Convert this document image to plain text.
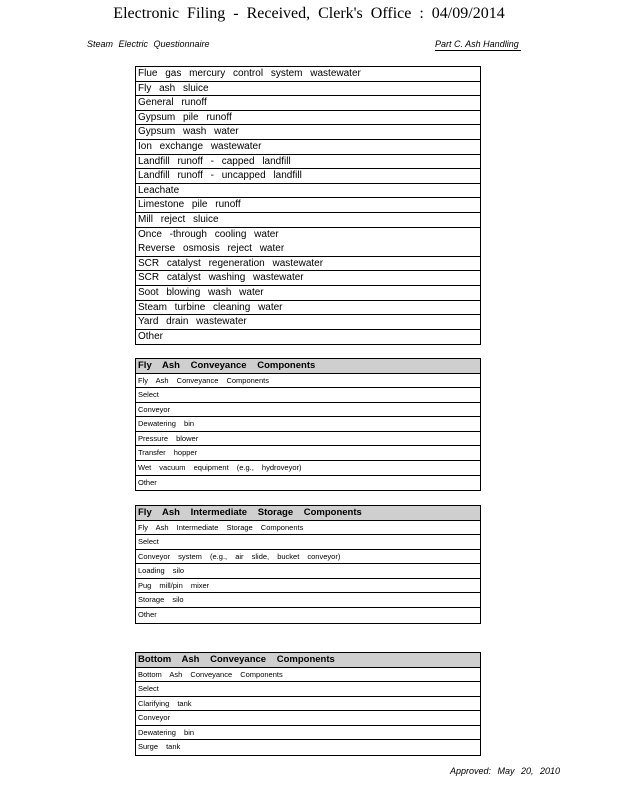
Electronic Filing - Received, Clerk's Office : 04/09/2014
Steam Electric Questionnaire	Part C. Ash Handling
Flue gas mercury control system wastewater
Fly ash sluice
General runoff
Gypsum pile runoff
Gypsum wash water
Ion exchange wastewater
Landfill runoff - capped landfill
Landfill runoff - uncapped landfill
Leachate
Limestone pile runoff
Mill reject sluice
Once -through cooling water
Reverse osmosis reject water
SCR catalyst regeneration wastewater
SCR catalyst washing wastewater
Soot blowing wash water
Steam turbine cleaning water
Yard drain wastewater
Other
Fly Ash Conveyance Components
Fly Ash Conveyance Components
Select
Conveyor
Dewatering bin
Pressure blower
Transfer hopper
Wet vacuum equipment (e.g., hydroveyor)
Other
Fly Ash Intermediate Storage Components
Fly Ash Intermediate Storage Components
Select
Conveyor system (e.g., air slide, bucket conveyor)
Loading silo
Pug mill/pin mixer
Storage silo
Other
Bottom Ash Conveyance Components
Bottom Ash Conveyance Components
Select
Clarifying tank
Conveyor
Dewatering bin
Surge tank
Approved: May 20, 2010
